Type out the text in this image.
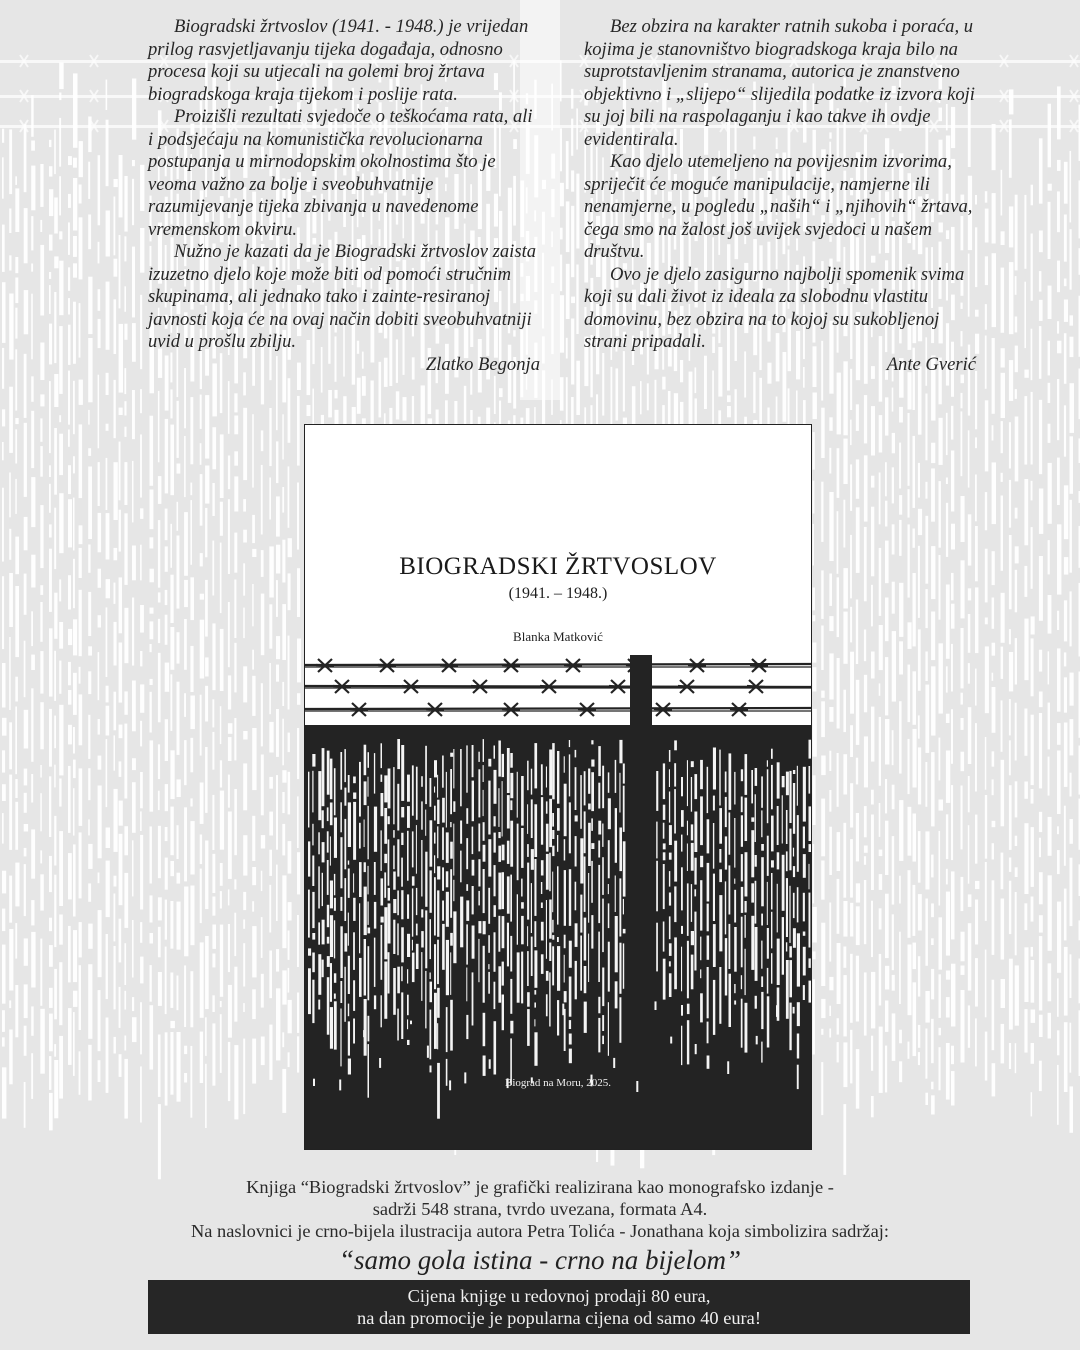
Biogradski žrtvoslov (1941. - 1948.) je vrijedan prilog rasvjetljavanju tijeka događaja, odnosno procesa koji su utjecali na golemi broj žrtava biogradskoga kraja tijekom i poslije rata.

Proizišli rezultati svjedoče o teškoćama rata, ali i podsjećaju na komunistička revolucionarna postupanja u mirnodopskim okolnostima što je veoma važno za bolje i sveobuhvatnije razumijevanje tijeka zbivanja u navedenome vremenskom okviru.

Nužno je kazati da je Biogradski žrtvoslov zaista izuzetno djelo koje može biti od pomoći stručnim skupinama, ali jednako tako i zainte-resiranoj javnosti koja će na ovaj način dobiti sveobuhvatniji uvid u prošlu zbilju.

Zlatko Begonja

Bez obzira na karakter ratnih sukoba i poraća, u kojima je stanovništvo biogradskoga kraja bilo na suprotstavljenim stranama, autorica je znanstveno objektivno i „slijepo“ slijedila podatke iz izvora koji su joj bili na raspolaganju i kao takve ih ovdje evidentirala.

Kao djelo utemeljeno na povijesnim izvorima, spriječit će moguće manipulacije, namjerne ili nenamjerne, u pogledu „naših“ i „njihovih“ žrtava, čega smo na žalost još uvijek svjedoci u našem društvu.

Ovo je djelo zasigurno najbolji spomenik svima koji su dali život iz ideala za slobodnu vlastitu domovinu, bez obzira na to kojoj su sukobljenoj strani pripadali.

Ante Gverić

BIOGRADSKI ŽRTVOSLOV
(1941. – 1948.)
Blanka Matković
Biograd na Moru, 2025.
Knjiga “Biogradski žrtvoslov” je grafički realizirana kao monografsko izdanje -
sadrži 548 strana, tvrdo uvezana, formata A4.
Na naslovnici je crno-bijela ilustracija autora Petra Tolića - Jonathana koja simbolizira sadržaj:
“samo gola istina - crno na bijelom”
Cijena knjige u redovnoj prodaji 80 eura,
na dan promocije je popularna cijena od samo 40 eura!
